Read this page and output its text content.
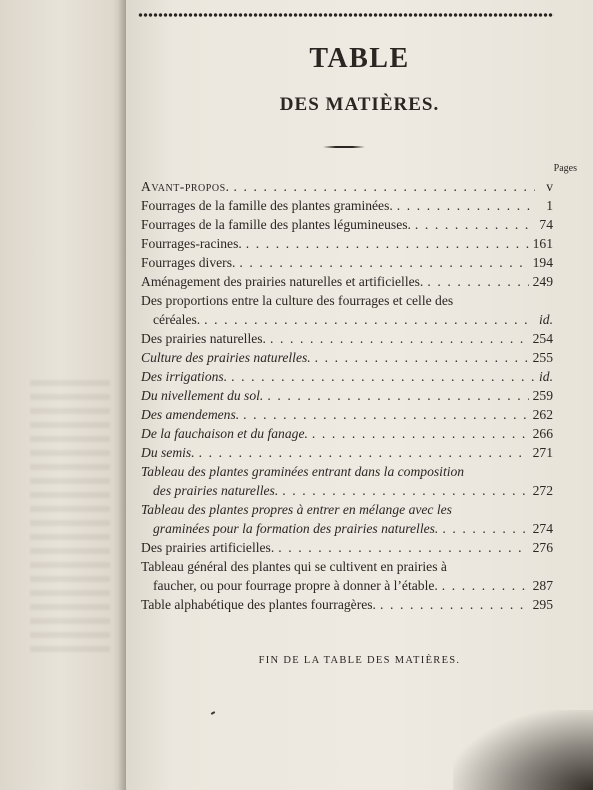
TABLE
DES MATIÈRES.
Pages
Avant-propos. . . .	v
Fourrages de la famille des plantes graminées. . . .	1
Fourrages de la famille des plantes légumineuses. . . .	74
Fourrages-racines. . . .	161
Fourrages divers. . . .	194
Aménagement des prairies naturelles et artificielles. . . .	249
Des proportions entre la culture des fourrages et celle des
céréales. . . .	id.
Des prairies naturelles. . . .	254
Culture des prairies naturelles. . . .	255
Des irrigations. . . .	id.
Du nivellement du sol. . . .	259
Des amendemens. . . .	262
De la fauchaison et du fanage. . . .	266
Du semis. . . .	271
Tableau des plantes graminées entrant dans la composition
des prairies naturelles. . . .	272
Tableau des plantes propres à entrer en mélange avec les
graminées pour la formation des prairies naturelles. . . .	274
Des prairies artificielles. . . .	276
Tableau général des plantes qui se cultivent en prairies à
faucher, ou pour fourrage propre à donner à l’étable. . . .	287
Table alphabétique des plantes fourragères. . . .	295
FIN DE LA TABLE DES MATIÈRES.
